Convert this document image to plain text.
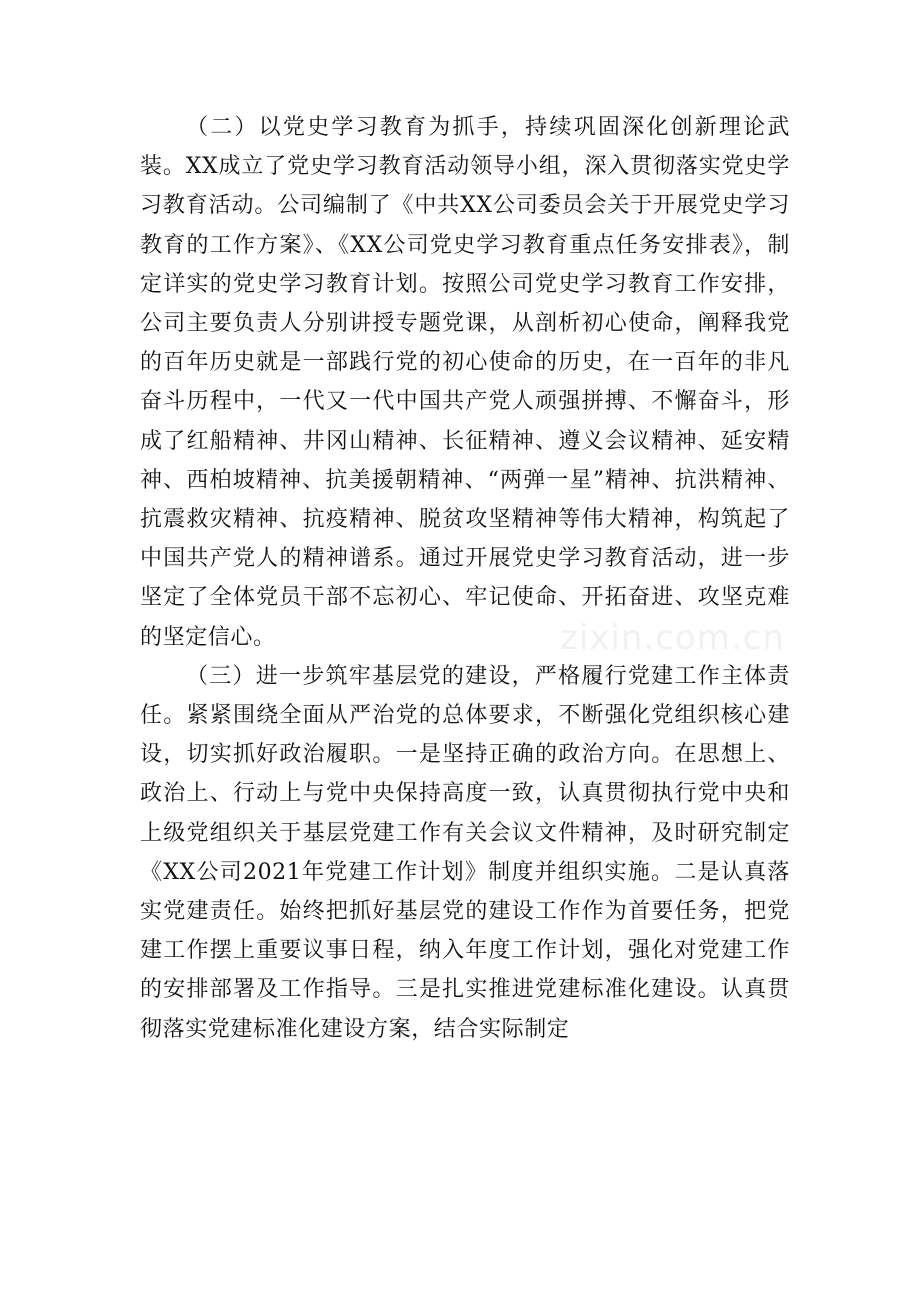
（二）以党史学习教育为抓手，持续巩固深化创新理论武装。XX成立了党史学习教育活动领导小组，深入贯彻落实党史学习教育活动。公司编制了《中共XX公司委员会关于开展党史学习教育的工作方案》、《XX公司党史学习教育重点任务安排表》，制定详实的党史学习教育计划。按照公司党史学习教育工作安排，公司主要负责人分别讲授专题党课，从剖析初心使命，阐释我党的百年历史就是一部践行党的初心使命的历史，在一百年的非凡奋斗历程中，一代又一代中国共产党人顽强拼搏、不懈奋斗，形成了红船精神、井冈山精神、长征精神、遵义会议精神、延安精神、西柏坡精神、抗美援朝精神、“两弹一星”精神、抗洪精神、抗震救灾精神、抗疫精神、脱贫攻坚精神等伟大精神，构筑起了中国共产党人的精神谱系。通过开展党史学习教育活动，进一步坚定了全体党员干部不忘初心、牢记使命、开拓奋进、攻坚克难的坚定信心。

（三）进一步筑牢基层党的建设，严格履行党建工作主体责任。紧紧围绕全面从严治党的总体要求，不断强化党组织核心建设，切实抓好政治履职。一是坚持正确的政治方向。在思想上、政治上、行动上与党中央保持高度一致，认真贯彻执行党中央和上级党组织关于基层党建工作有关会议文件精神，及时研究制定《XX公司2021年党建工作计划》制度并组织实施。二是认真落实党建责任。始终把抓好基层党的建设工作作为首要任务，把党建工作摆上重要议事日程，纳入年度工作计划，强化对党建工作的安排部署及工作指导。三是扎实推进党建标准化建设。认真贯彻落实党建标准化建设方案，结合实际制定

zixin.com.cn
